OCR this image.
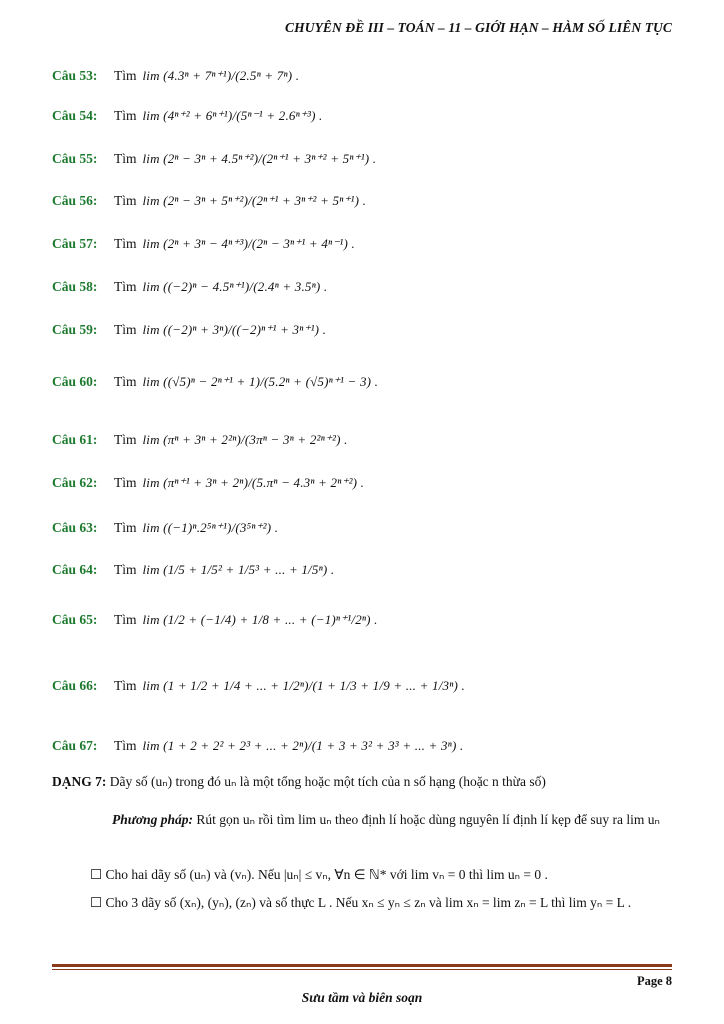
CHUYÊN ĐỀ III – TOÁN – 11 – GIỚI HẠN – HÀM SỐ LIÊN TỤC
Câu 53: Tìm lim (4.3ⁿ + 7ⁿ⁺¹)/(2.5ⁿ + 7ⁿ) .
Câu 54: Tìm lim (4ⁿ⁺² + 6ⁿ⁺¹)/(5ⁿ⁻¹ + 2.6ⁿ⁺³) .
Câu 55: Tìm lim (2ⁿ − 3ⁿ + 4.5ⁿ⁺²)/(2ⁿ⁺¹ + 3ⁿ⁺² + 5ⁿ⁺¹) .
Câu 56: Tìm lim (2ⁿ − 3ⁿ + 5ⁿ⁺²)/(2ⁿ⁺¹ + 3ⁿ⁺² + 5ⁿ⁺¹) .
Câu 57: Tìm lim (2ⁿ + 3ⁿ − 4ⁿ⁺³)/(2ⁿ − 3ⁿ⁺¹ + 4ⁿ⁻¹) .
Câu 58: Tìm lim ((−2)ⁿ − 4.5ⁿ⁺¹)/(2.4ⁿ + 3.5ⁿ) .
Câu 59: Tìm lim ((−2)ⁿ + 3ⁿ)/((−2)ⁿ⁺¹ + 3ⁿ⁺¹) .
Câu 60: Tìm lim ((√5)ⁿ − 2ⁿ⁺¹ + 1)/(5.2ⁿ + (√5)ⁿ⁺¹ − 3) .
Câu 61: Tìm lim (πⁿ + 3ⁿ + 2²ⁿ)/(3πⁿ − 3ⁿ + 2²ⁿ⁺²) .
Câu 62: Tìm lim (πⁿ⁺¹ + 3ⁿ + 2ⁿ)/(5.πⁿ − 4.3ⁿ + 2ⁿ⁺²) .
Câu 63: Tìm lim ((−1)ⁿ.2⁵ⁿ⁺¹)/(3⁵ⁿ⁺²) .
Câu 64: Tìm lim (1/5 + 1/5² + 1/5³ + ... + 1/5ⁿ) .
Câu 65: Tìm lim (1/2 + (−1/4) + 1/8 + ... + (−1)ⁿ⁺¹/2ⁿ) .
Câu 66: Tìm lim (1 + 1/2 + 1/4 + ... + 1/2ⁿ)/(1 + 1/3 + 1/9 + ... + 1/3ⁿ) .
Câu 67: Tìm lim (1 + 2 + 2² + 2³ + ... + 2ⁿ)/(1 + 3 + 3² + 3³ + ... + 3ⁿ) .
DẠNG 7: Dãy số (uₙ) trong đó uₙ là một tổng hoặc một tích của n số hạng (hoặc n thừa số)
Phương pháp: Rút gọn uₙ rồi tìm lim uₙ theo định lí hoặc dùng nguyên lí định lí kẹp để suy ra lim uₙ
☐ Cho hai dãy số (uₙ) và (vₙ). Nếu |uₙ| ≤ vₙ, ∀n ∈ ℕ* với lim vₙ = 0 thì lim uₙ = 0 .
☐ Cho 3 dãy số (xₙ), (yₙ), (zₙ) và số thực L . Nếu xₙ ≤ yₙ ≤ zₙ và lim xₙ = lim zₙ = L thì lim yₙ = L .
Page 8
Sưu tầm và biên soạn
